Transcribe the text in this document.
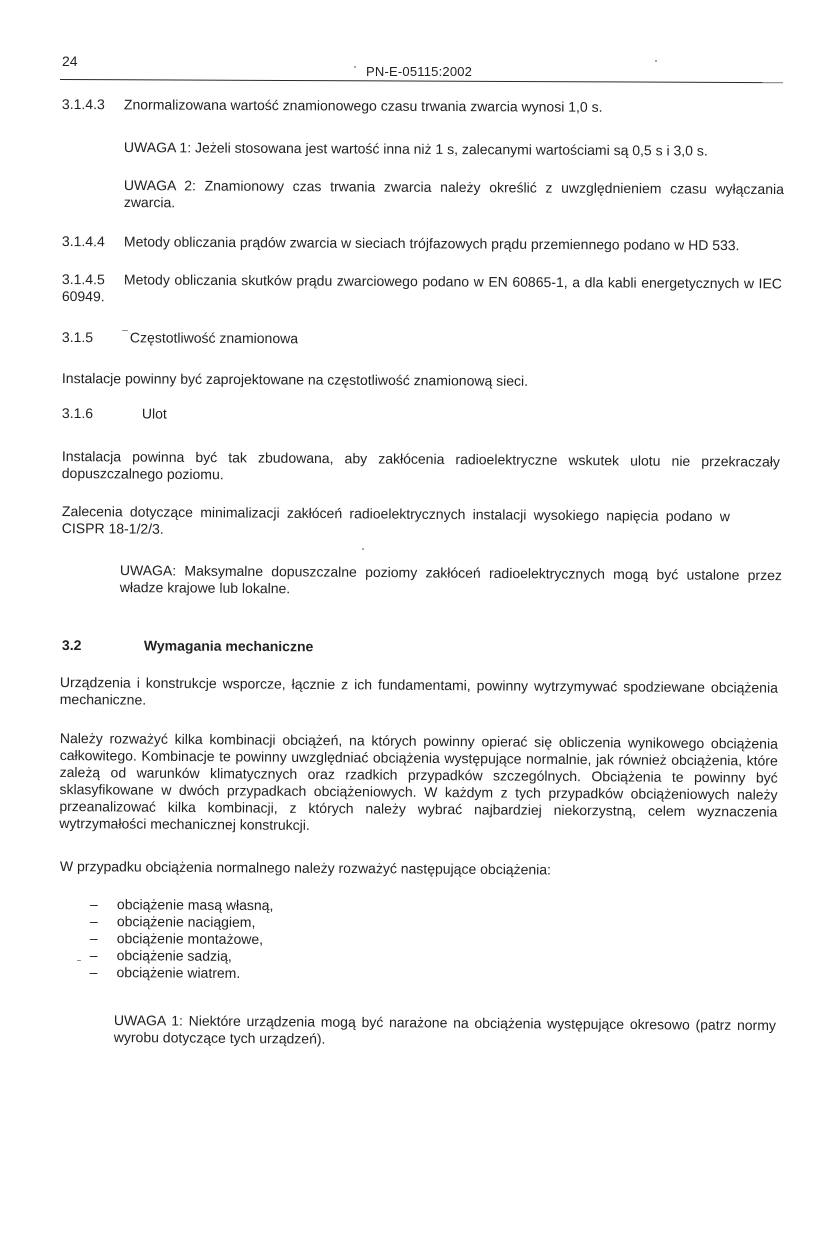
24
PN-E-05115:2002
3.1.4.3 Znormalizowana wartość znamionowego czasu trwania zwarcia wynosi 1,0 s.

UWAGA 1: Jeżeli stosowana jest wartość inna niż 1 s, zalecanymi wartościami są 0,5 s i 3,0 s.

UWAGA 2: Znamionowy czas trwania zwarcia należy określić z uwzględnieniem czasu wyłączania zwarcia.

3.1.4.4 Metody obliczania prądów zwarcia w sieciach trójfazowych prądu przemiennego podano w HD 533.

3.1.4.5 Metody obliczania skutków prądu zwarciowego podano w EN 60865-1, a dla kabli energetycznych w IEC 60949.

3.1.5	Częstotliwość znamionowa

Instalacje powinny być zaprojektowane na częstotliwość znamionową sieci.

3.1.6	Ulot

Instalacja powinna być tak zbudowana, aby zakłócenia radioelektryczne wskutek ulotu nie przekraczały dopuszczalnego poziomu.

Zalecenia dotyczące minimalizacji zakłóceń radioelektrycznych instalacji wysokiego napięcia podano w CISPR 18-1/2/3.

UWAGA: Maksymalne dopuszczalne poziomy zakłóceń radioelektrycznych mogą być ustalone przez władze krajowe lub lokalne.

3.2	Wymagania mechaniczne

Urządzenia i konstrukcje wsporcze, łącznie z ich fundamentami, powinny wytrzymywać spodziewane obciążenia mechaniczne.

Należy rozważyć kilka kombinacji obciążeń, na których powinny opierać się obliczenia wynikowego obciążenia całkowitego. Kombinacje te powinny uwzględniać obciążenia występujące normalnie, jak również obciążenia, które zależą od warunków klimatycznych oraz rzadkich przypadków szczególnych. Obciążenia te powinny być sklasyfikowane w dwóch przypadkach obciążeniowych. W każdym z tych przypadków obciążeniowych należy przeanalizować kilka kombinacji, z których należy wybrać najbardziej niekorzystną, celem wyznaczenia wytrzymałości mechanicznej konstrukcji.

W przypadku obciążenia normalnego należy rozważyć następujące obciążenia:

– obciążenie masą własną,
– obciążenie naciągiem,
– obciążenie montażowe,
– obciążenie sadzią,
– obciążenie wiatrem.

UWAGA 1: Niektóre urządzenia mogą być narażone na obciążenia występujące okresowo (patrz normy wyrobu dotyczące tych urządzeń).
